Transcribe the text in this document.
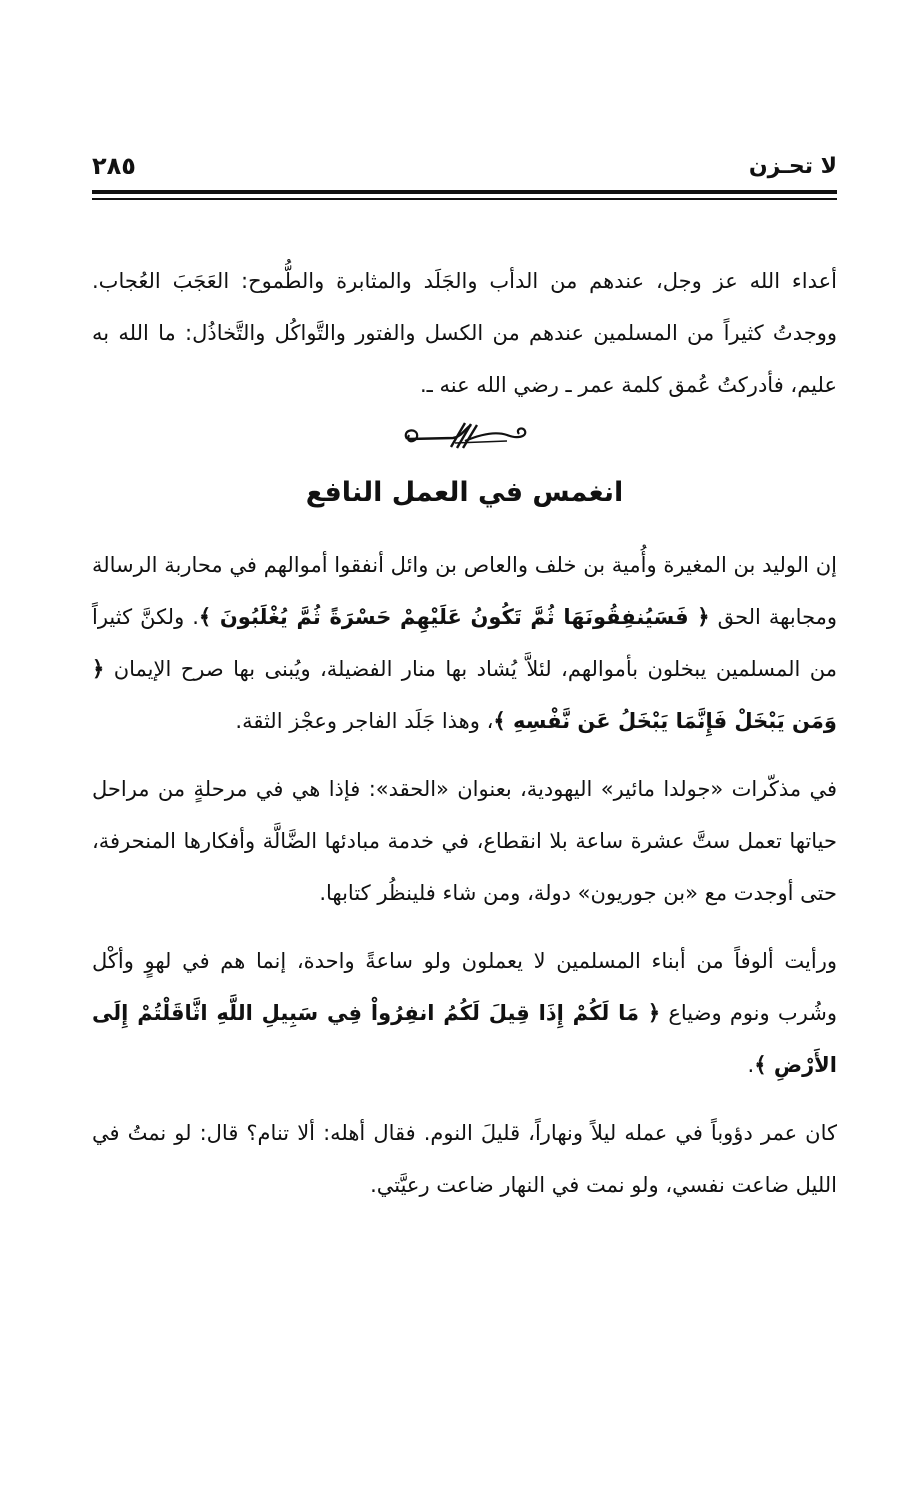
لا تحـزن
٢٨٥

أعداء الله عز وجل، عندهم من الدأب والجَلَد والمثابرة والطُّموح: العَجَبَ العُجاب. ووجدتُ كثيراً من المسلمين عندهم من الكسل والفتور والتَّواكُل والتَّخاذُل: ما الله به عليم، فأدركتُ عُمق كلمة عمر ـ رضي الله عنه ـ.

انغمس في العمل النافع

إن الوليد بن المغيرة وأُمية بن خلف والعاص بن وائل أنفقوا أموالهم في محاربة الرسالة ومجابهة الحق ﴿ فَسَيُنفِقُونَهَا ثُمَّ تَكُونُ عَلَيْهِمْ حَسْرَةً ثُمَّ يُغْلَبُونَ ﴾. ولكنَّ كثيراً من المسلمين يبخلون بأموالهم، لئلاَّ يُشاد بها منار الفضيلة، ويُبنى بها صرح الإيمان ﴿ وَمَن يَبْخَلْ فَإِنَّمَا يَبْخَلُ عَن نَّفْسِهِ ﴾، وهذا جَلَد الفاجر وعجْز الثقة.

في مذكّرات «جولدا مائير» اليهودية، بعنوان «الحقد»: فإذا هي في مرحلةٍ من مراحل حياتها تعمل ستَّ عشرة ساعة بلا انقطاع، في خدمة مبادئها الضَّالَّة وأفكارها المنحرفة، حتى أوجدت مع «بن جوريون» دولة، ومن شاء فلينظُر كتابها.

ورأيت ألوفاً من أبناء المسلمين لا يعملون ولو ساعةً واحدة، إنما هم في لهوٍ وأكْل وشُرب ونوم وضياع ﴿ مَا لَكُمْ إِذَا قِيلَ لَكُمُ انفِرُواْ فِي سَبِيلِ اللَّهِ اثَّاقَلْتُمْ إِلَى الأَرْضِ ﴾.

كان عمر دؤوباً في عمله ليلاً ونهاراً، قليلَ النوم. فقال أهله: ألا تنام؟ قال: لو نمتُ في الليل ضاعت نفسي، ولو نمت في النهار ضاعت رعيَّتي.
